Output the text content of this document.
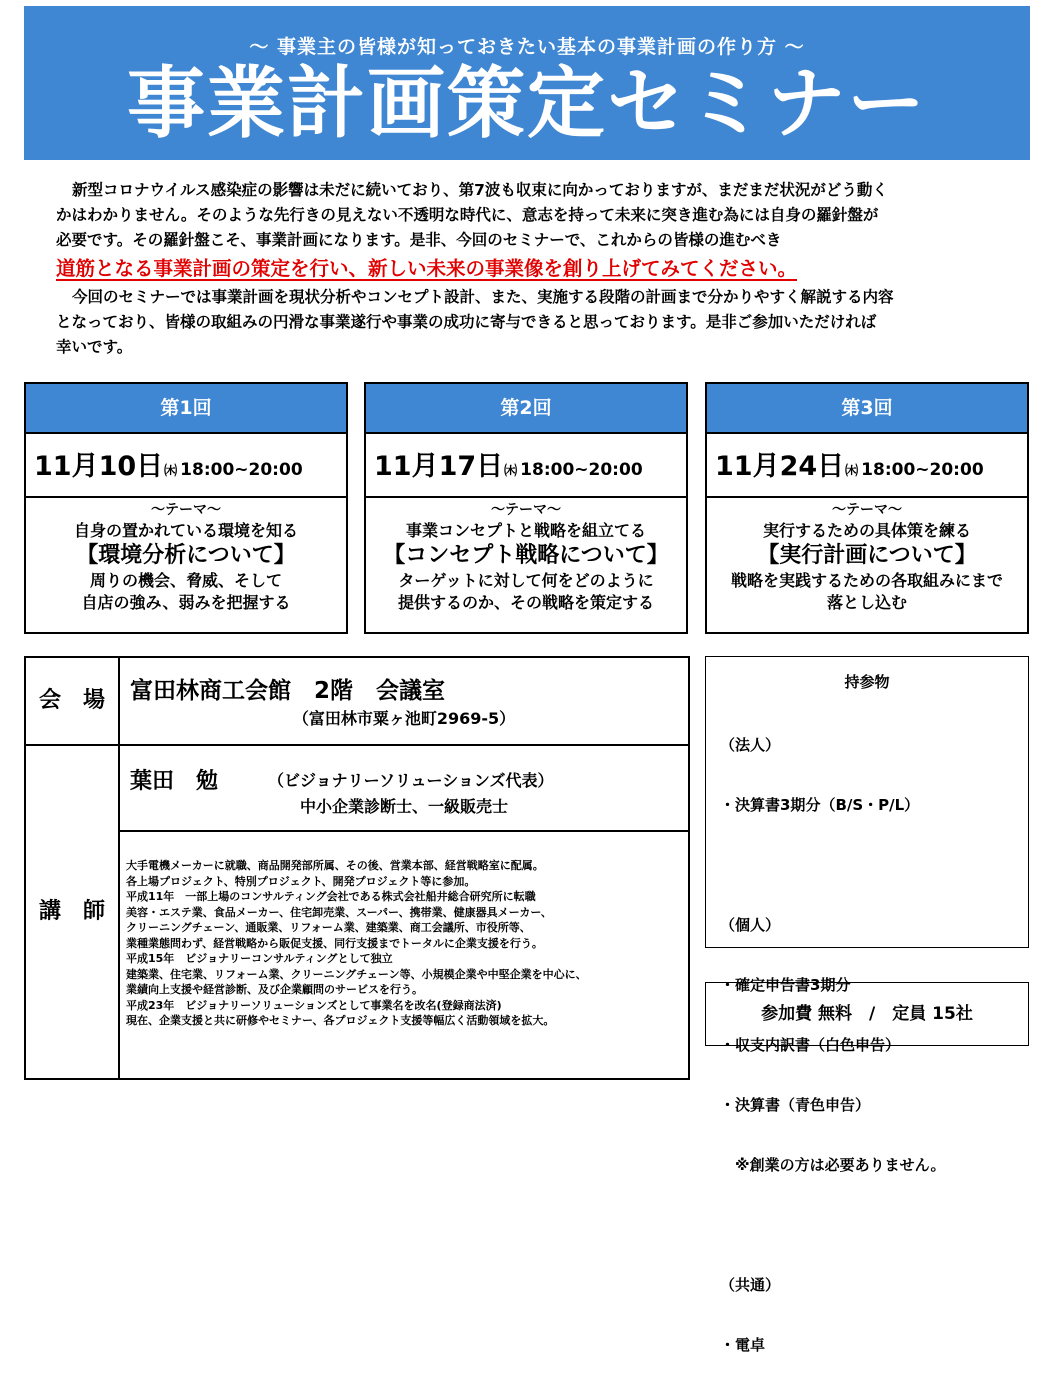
～ 事業主の皆様が知っておきたい基本の事業計画の作り方 ～
事業計画策定セミナー

新型コロナウイルス感染症の影響は未だに続いており、第7波も収束に向かっておりますが、まだまだ状況がどう動く

かはわかりません。そのような先行きの見えない不透明な時代に、意志を持って未来に突き進む為には自身の羅針盤が

必要です。その羅針盤こそ、事業計画になります。是非、今回のセミナーで、これからの皆様の進むべき

道筋となる事業計画の策定を行い、新しい未来の事業像を創り上げてみてください。

今回のセミナーでは事業計画を現状分析やコンセプト設計、また、実施する段階の計画まで分かりやすく解説する内容

となっており、皆様の取組みの円滑な事業遂行や事業の成功に寄与できると思っております。是非ご参加いただければ

幸いです。

第1回
11月10日㈭ 18:00~20:00
～テーマ～
自身の置かれている環境を知る
【環境分析について】
周りの機会、脅威、そして
自店の強み、弱みを把握する
第2回
11月17日㈭ 18:00~20:00
～テーマ～
事業コンセプトと戦略を組立てる
【コンセプト戦略について】
ターゲットに対して何をどのように
提供するのか、その戦略を策定する
第3回
11月24日㈭ 18:00~20:00
～テーマ～
実行するための具体策を練る
【実行計画について】
戦略を実践するための各取組みにまで
落とし込む
会　場	富田林商工会館　2階　会議室
（富田林市粟ヶ池町2969-5）
講　師
葉田　勉	（ビジョナリーソリューションズ代表）
中小企業診断士、一級販売士

大手電機メーカーに就職、商品開発部所属、その後、営業本部、経営戦略室に配属。

各上場プロジェクト、特別プロジェクト、開発プロジェクト等に参加。

平成11年　一部上場のコンサルティング会社である株式会社船井総合研究所に転職

美容・エステ業、食品メーカー、住宅卸売業、スーパー、携帯業、健康器具メーカー、

クリーニングチェーン、通販業、リフォーム業、建築業、商工会議所、市役所等、

業種業態問わず、経営戦略から販促支援、同行支援までトータルに企業支援を行う。

平成15年　ビジョナリーコンサルティングとして独立

建築業、住宅業、リフォーム業、クリーニングチェーン等、小規模企業や中堅企業を中心に、

業績向上支援や経営診断、及び企業顧問のサービスを行う。

平成23年　ビジョナリーソリューションズとして事業名を改名(登録商法済)

現在、企業支援と共に研修やセミナー、各プロジェクト支援等幅広く活動領域を拡大。

持参物

（法人）

・決算書3期分（B/S・P/L）

（個人）

・確定申告書3期分

・収支内訳書（白色申告）

・決算書（青色申告）

　※創業の方は必要ありません。

（共通）

・電卓

参加費 無料　/　定員 15社
